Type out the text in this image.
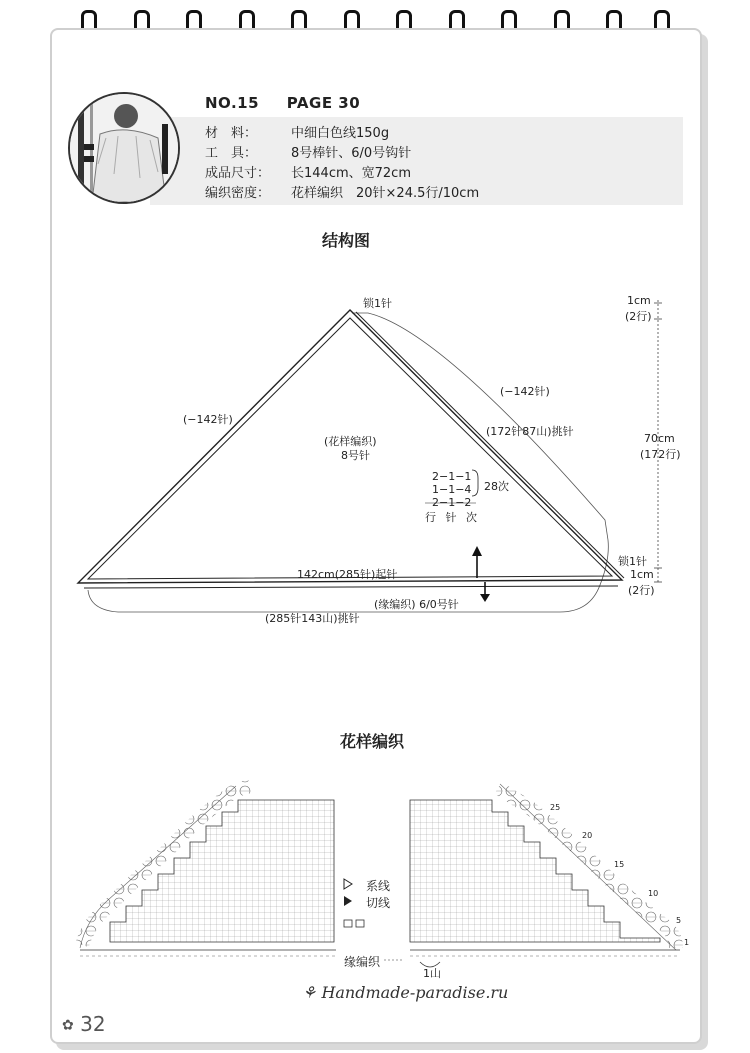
NO.15 PAGE 30
材　料：	中细白色线150g
工　具：	8号棒针、6/0号钩针
成品尺寸：	长144cm、宽72cm
编织密度：	花样编织　20针×24.5行/10cm
结构图
锁1针
(−142针)
(−142针)
(172针87山)挑针
(花样编织)
8号针
2−1−1
1−1−4
2−1−2
行 针 次
28次
142cm(285针)起针
(缘编织) 6/0号针
(285针143山)挑针
锁1针
1cm
(2行)
70cm
(172行)
1cm
(2行)
花样编织
系线
切线
缘编织
1山
25
20
15
10
5
1
✿ 32
⚘ Handmade-paradise.ru
